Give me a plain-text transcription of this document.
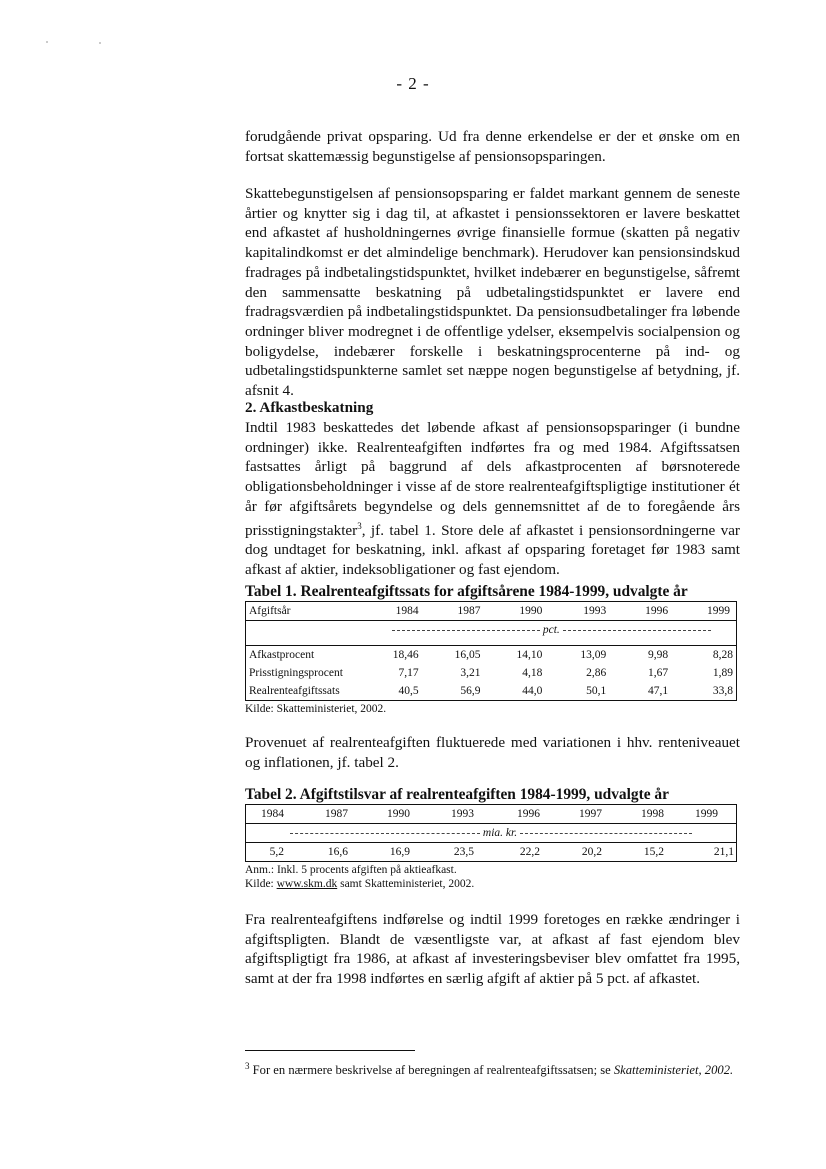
- 2 -

forudgående privat opsparing. Ud fra denne erkendelse er der et ønske om en fortsat skattemæssig begunstigelse af pensionsopsparingen.

Skattebegunstigelsen af pensionsopsparing er faldet markant gennem de seneste årtier og knytter sig i dag til, at afkastet i pensionssektoren er lavere beskattet end afkastet af husholdningernes øvrige finansielle formue (skatten på negativ kapitalindkomst er det almindelige benchmark). Herudover kan pensionsindskud fradrages på indbetalingstidspunktet, hvilket indebærer en begunstigelse, såfremt den sammensatte beskatning på udbetalingstidspunktet er lavere end fradragsværdien på indbetalingstidspunktet. Da pensionsudbetalinger fra løbende ordninger bliver modregnet i de offentlige ydelser, eksempelvis socialpension og boligydelse, indebærer forskelle i beskatningsprocenterne på ind- og udbetalingstidspunkterne samlet set næppe nogen begunstigelse af betydning, jf. afsnit 4.

2. Afkastbeskatning

Indtil 1983 beskattedes det løbende afkast af pensionsopsparinger (i bundne ordninger) ikke. Realrenteafgiften indførtes fra og med 1984. Afgiftssatsen fastsattes årligt på baggrund af dels afkastprocenten af børsnoterede obligationsbeholdninger i visse af de store realrenteafgiftspligtige institutioner ét år før afgiftsårets begyndelse og dels gennemsnittet af de to foregående års prisstigningstakter$^3$, jf. tabel 1. Store dele af afkastet i pensionsordningerne var dog undtaget for beskatning, inkl. afkast af opsparing foretaget før 1983 samt afkast af aktier, indeksobligationer og fast ejendom.

Tabel 1. Realrenteafgiftssats for afgiftsårene 1984-1999, udvalgte år
Afgiftsår	1984	1987	1990	1993	1996	1999
	pct.					

Afkastprocent	18,46	16,05	14,10	13,09	9,98	8,28
Prisstigningsprocent	7,17	3,21	4,18	2,86	1,67	1,89
Realrenteafgiftssats	40,5	56,9	44,0	50,1	47,1	33,8
Kilde: Skatteministeriet, 2002.

Provenuet af realrenteafgiften fluktuerede med variationen i hhv. renteniveauet og inflationen, jf. tabel 2.

Tabel 2. Afgiftstilsvar af realrenteafgiften 1984-1999, udvalgte år
1984	1987	1990	1993	1996	1997	1998	1999
mia. kr.							
5,2	16,6	16,9	23,5	22,2	20,2	15,2	21,1
Anm.: Inkl. 5 procents afgiften på aktieafkast.
Kilde: www.skm.dk samt Skatteministeriet, 2002.

Fra realrenteafgiftens indførelse og indtil 1999 foretoges en række ændringer i afgiftspligten. Blandt de væsentligste var, at afkast af fast ejendom blev afgiftspligtigt fra 1986, at afkast af investeringsbeviser blev omfattet fra 1995, samt at der fra 1998 indførtes en særlig afgift af aktier på 5 pct. af afkastet.

$^3$ For en nærmere beskrivelse af beregningen af realrenteafgiftssatsen; se Skatteministeriet, 2002.
